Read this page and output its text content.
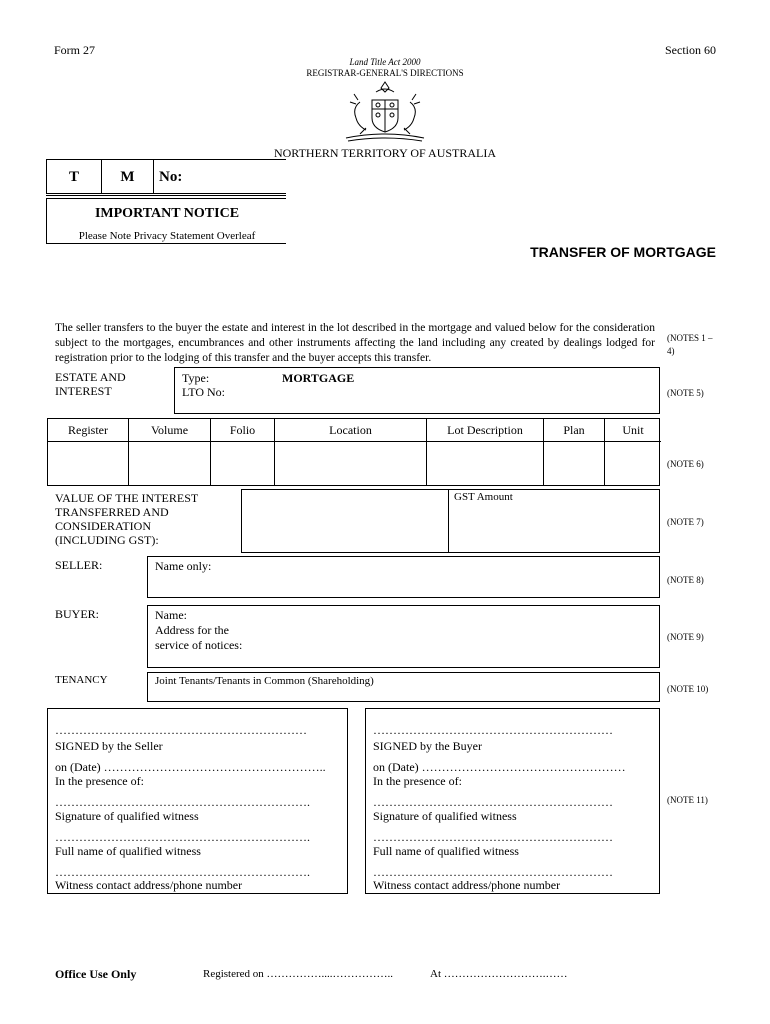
Form 27	Section 60
Land Title Act 2000
REGISTRAR-GENERAL'S DIRECTIONS
NORTHERN TERRITORY OF AUSTRALIA
T	M	No:
IMPORTANT NOTICE
Please Note Privacy Statement Overleaf
TRANSFER OF MORTGAGE
The seller transfers to the buyer the estate and interest in the lot described in the mortgage and valued below for the consideration subject to the mortgages, encumbrances and other instruments affecting the land including any created by dealings lodged for registration prior to the lodging of this transfer and the buyer accepts this transfer.
(NOTES 1 – 4)
ESTATE AND
INTEREST
Type:	MORTGAGE
LTO No:	(NOTE 5)
Register	Volume	Folio	Location	Lot Description	Plan	Unit
(NOTE 6)
VALUE OF THE INTEREST
TRANSFERRED AND
CONSIDERATION
(INCLUDING GST):
GST Amount
(NOTE 7)
SELLER:	Name only:
(NOTE 8)
BUYER:	Name:
Address for the
service of notices:
(NOTE 9)
TENANCY	Joint Tenants/Tenants in Common (Shareholding)
(NOTE 10)
………………………………………………………
SIGNED by the Seller
on (Date) ………………………………………………..
In the presence of:
……………………………………………………….
Signature of qualified witness
……………………………………………………….
Full name of qualified witness
……………………………………………………….
Witness contact address/phone number
……………………………………………………
SIGNED by the Buyer
on (Date) ……………………………………………
In the presence of:
……………………………………………………
Signature of qualified witness
……………………………………………………
Full name of qualified witness
……………………………………………………
Witness contact address/phone number
(NOTE 11)
Office Use Only	Registered on ……………....……………..	At ……………………….……
